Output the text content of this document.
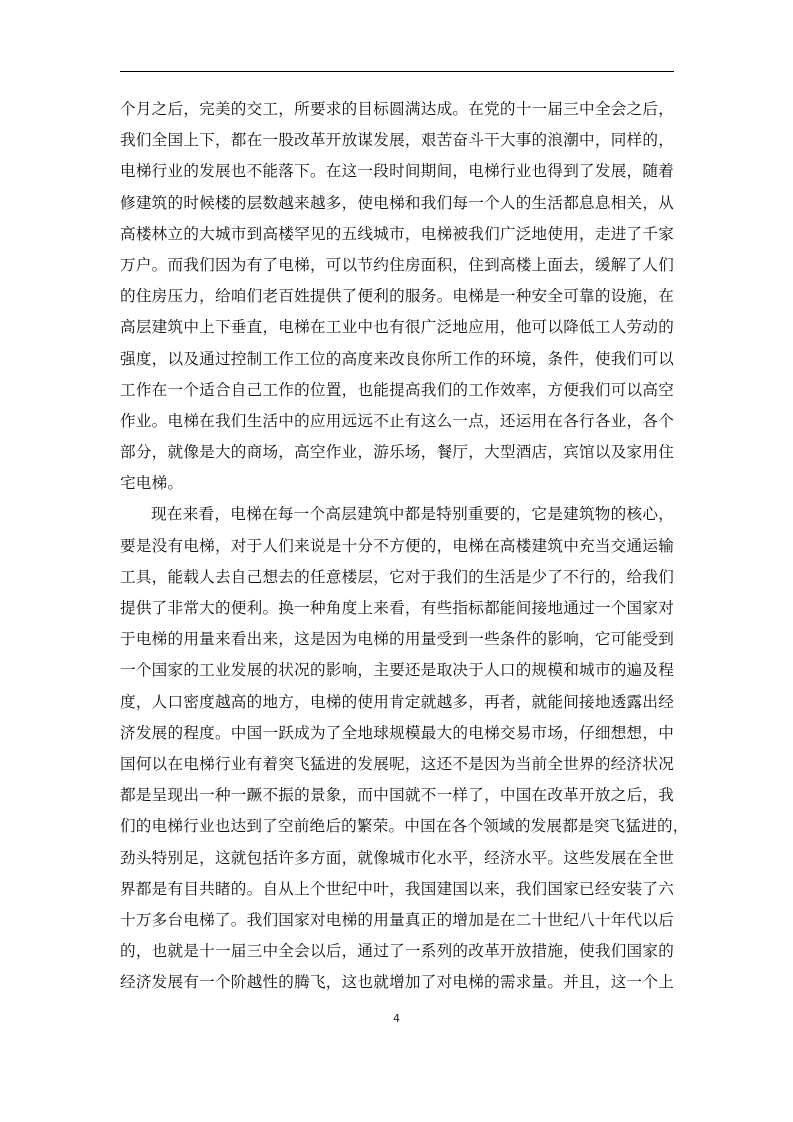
个月之后，完美的交工，所要求的目标圆满达成。在党的十一届三中全会之后，
我们全国上下，都在一股改革开放谋发展，艰苦奋斗干大事的浪潮中，同样的，
电梯行业的发展也不能落下。在这一段时间期间，电梯行业也得到了发展，随着
修建筑的时候楼的层数越来越多，使电梯和我们每一个人的生活都息息相关，从
高楼林立的大城市到高楼罕见的五线城市，电梯被我们广泛地使用，走进了千家
万户。而我们因为有了电梯，可以节约住房面积，住到高楼上面去，缓解了人们
的住房压力，给咱们老百姓提供了便利的服务。电梯是一种安全可靠的设施，在
高层建筑中上下垂直，电梯在工业中也有很广泛地应用，他可以降低工人劳动的
强度，以及通过控制工作工位的高度来改良你所工作的环境，条件，使我们可以
工作在一个适合自己工作的位置，也能提高我们的工作效率，方便我们可以高空
作业。电梯在我们生活中的应用远远不止有这么一点，还运用在各行各业，各个
部分，就像是大的商场，高空作业，游乐场，餐厅，大型酒店，宾馆以及家用住
宅电梯。
现在来看，电梯在每一个高层建筑中都是特别重要的，它是建筑物的核心，
要是没有电梯，对于人们来说是十分不方便的，电梯在高楼建筑中充当交通运输
工具，能载人去自己想去的任意楼层，它对于我们的生活是少了不行的，给我们
提供了非常大的便利。换一种角度上来看，有些指标都能间接地通过一个国家对
于电梯的用量来看出来，这是因为电梯的用量受到一些条件的影响，它可能受到
一个国家的工业发展的状况的影响，主要还是取决于人口的规模和城市的遍及程
度，人口密度越高的地方，电梯的使用肯定就越多，再者，就能间接地透露出经
济发展的程度。中国一跃成为了全地球规模最大的电梯交易市场，仔细想想，中
国何以在电梯行业有着突飞猛进的发展呢，这还不是因为当前全世界的经济状况
都是呈现出一种一蹶不振的景象，而中国就不一样了，中国在改革开放之后，我
们的电梯行业也达到了空前绝后的繁荣。中国在各个领域的发展都是突飞猛进的，
劲头特别足，这就包括许多方面，就像城市化水平，经济水平。这些发展在全世
界都是有目共睹的。自从上个世纪中叶，我国建国以来，我们国家已经安装了六
十万多台电梯了。我们国家对电梯的用量真正的增加是在二十世纪八十年代以后
的，也就是十一届三中全会以后，通过了一系列的改革开放措施，使我们国家的
经济发展有一个阶越性的腾飞，这也就增加了对电梯的需求量。并且，这一个上
4
